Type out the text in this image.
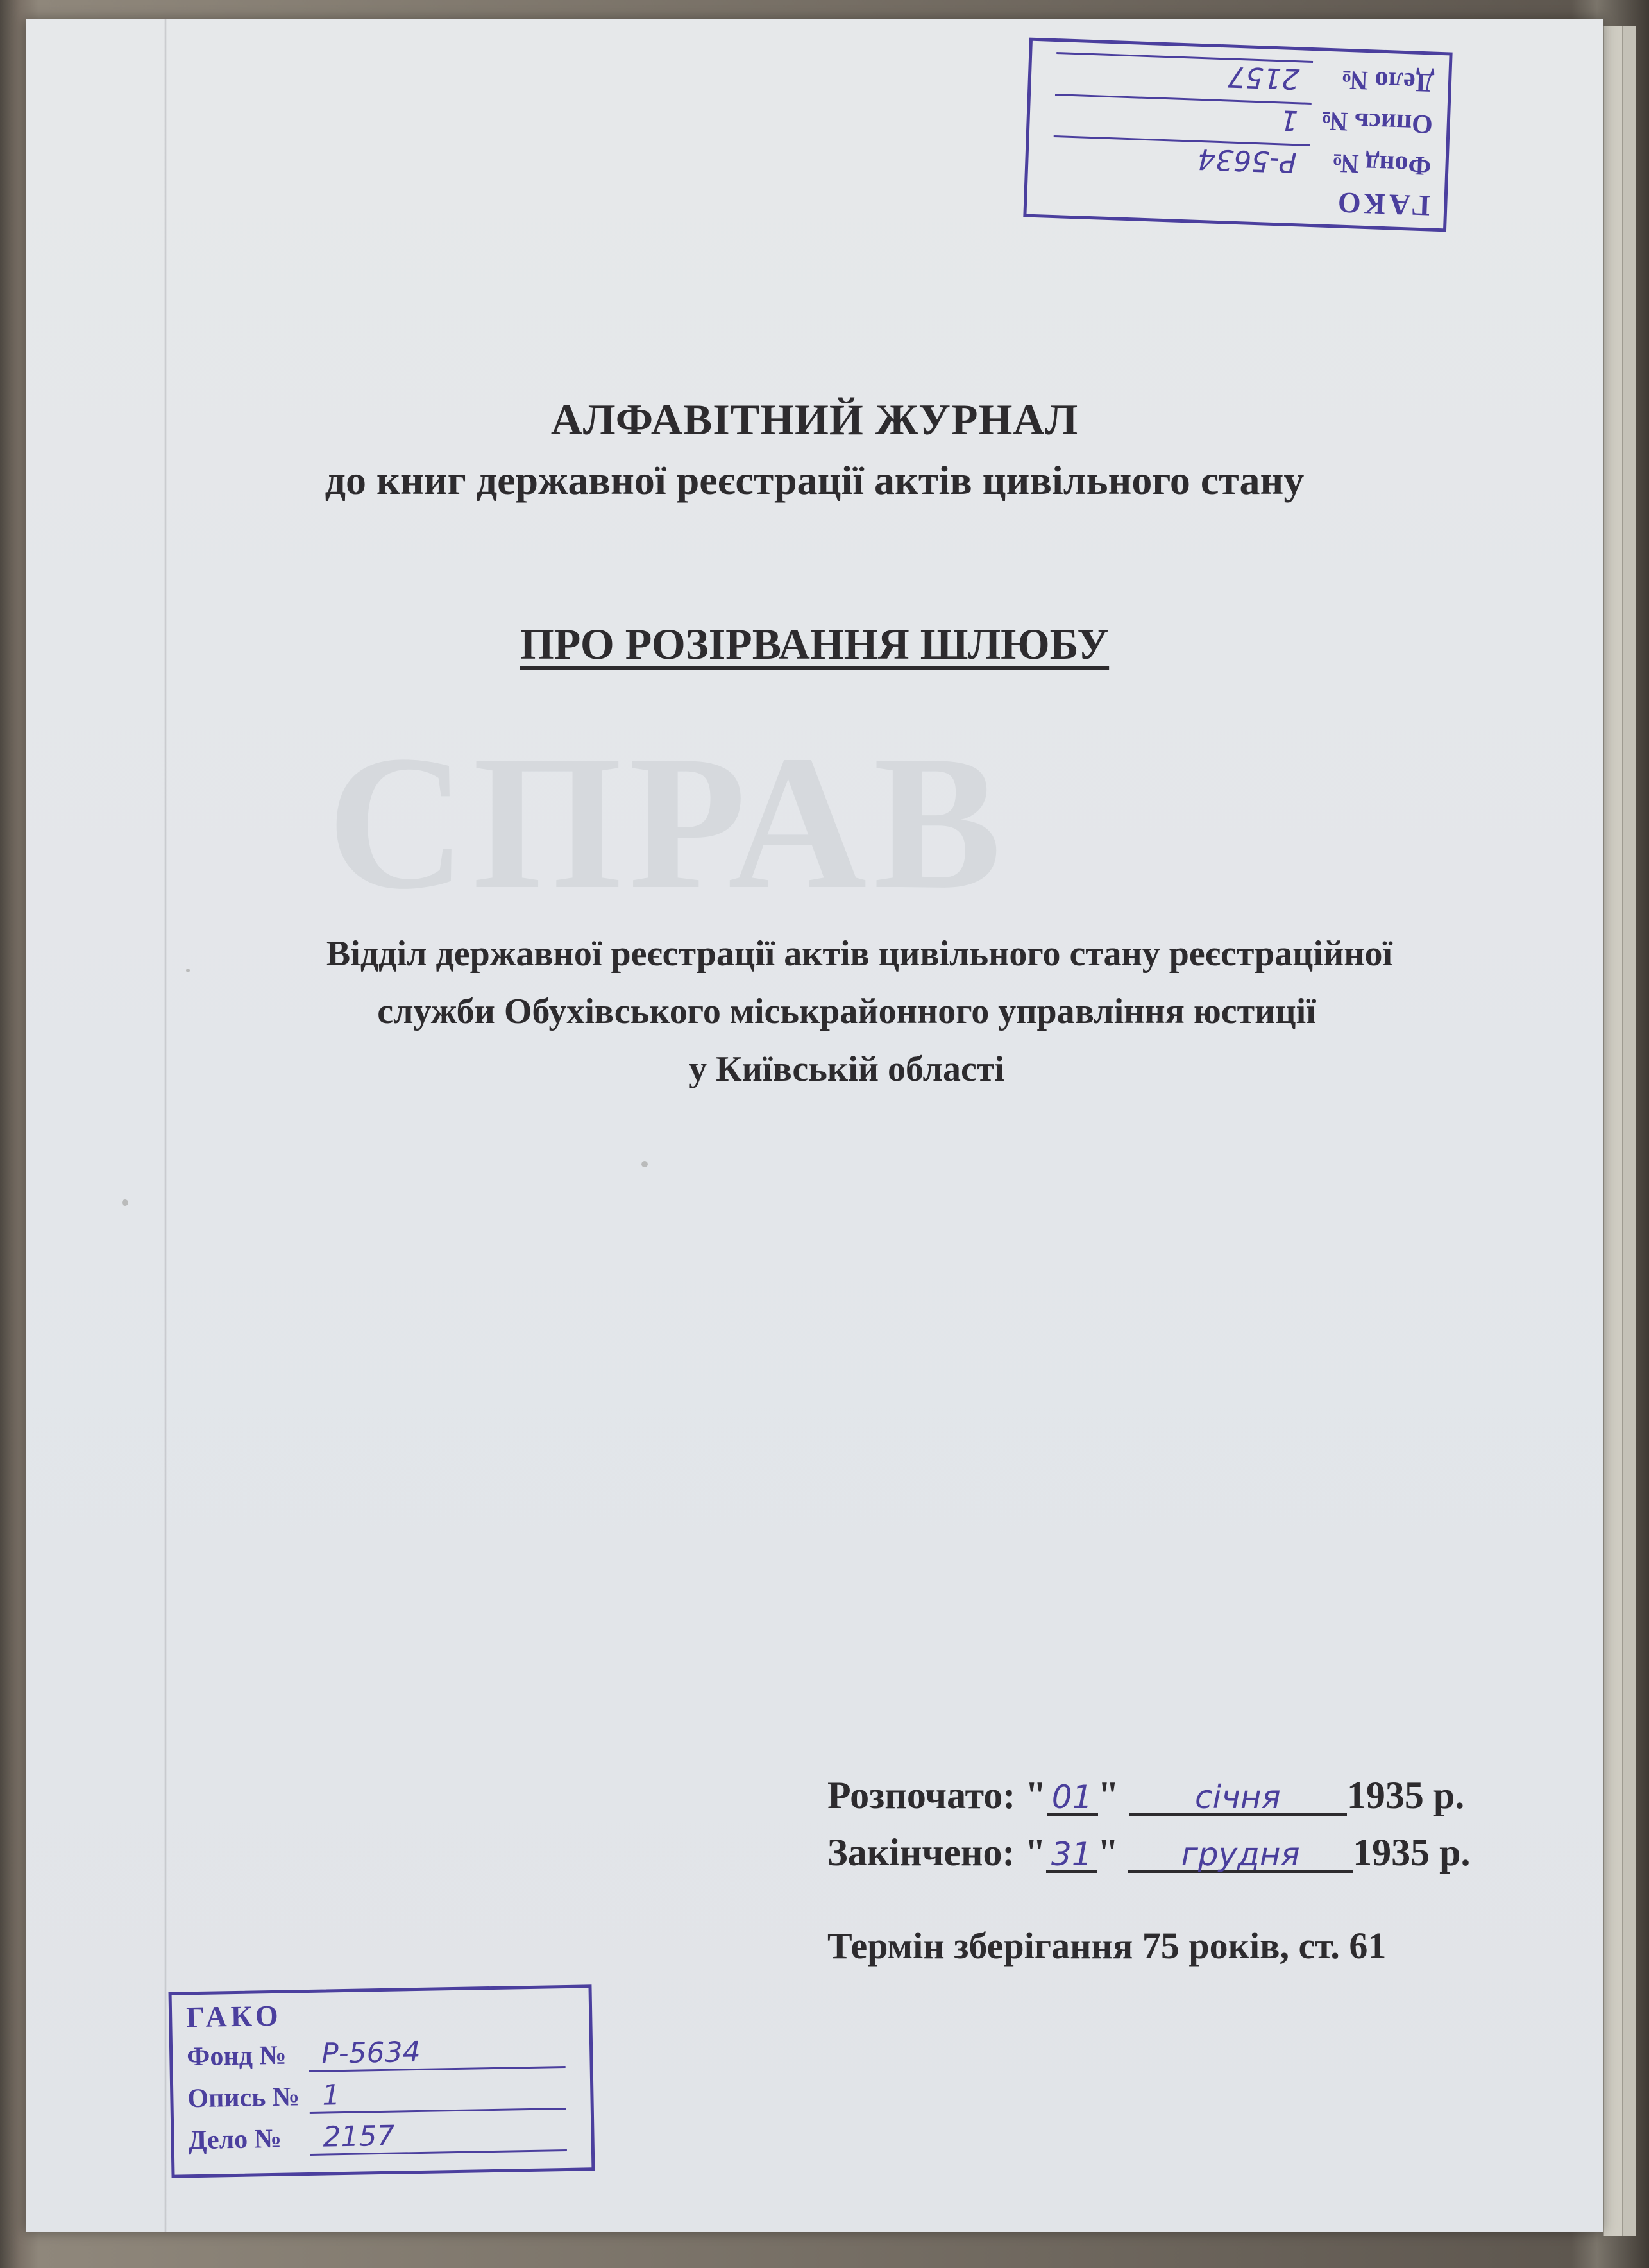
ГАКО
Фонд №Р-5634
Опись №1
Дело №2157
СПРАВ
АЛФАВІТНИЙ ЖУРНАЛ
до книг державної реєстрації актів цивільного стану
ПРО РОЗІРВАННЯ ШЛЮБУ
Відділ державної реєстрації актів цивільного стану реєстраційної
служби Обухівського міськрайонного управління юстиції
у Київській області
Розпочато: " 01 " січня 1935 р.
Закінчено: " 31 " грудня 1935 р.
Термін зберігання 75 років, ст. 61
ГАКО
Фонд № Р-5634
Опись № 1
Дело № 2157
